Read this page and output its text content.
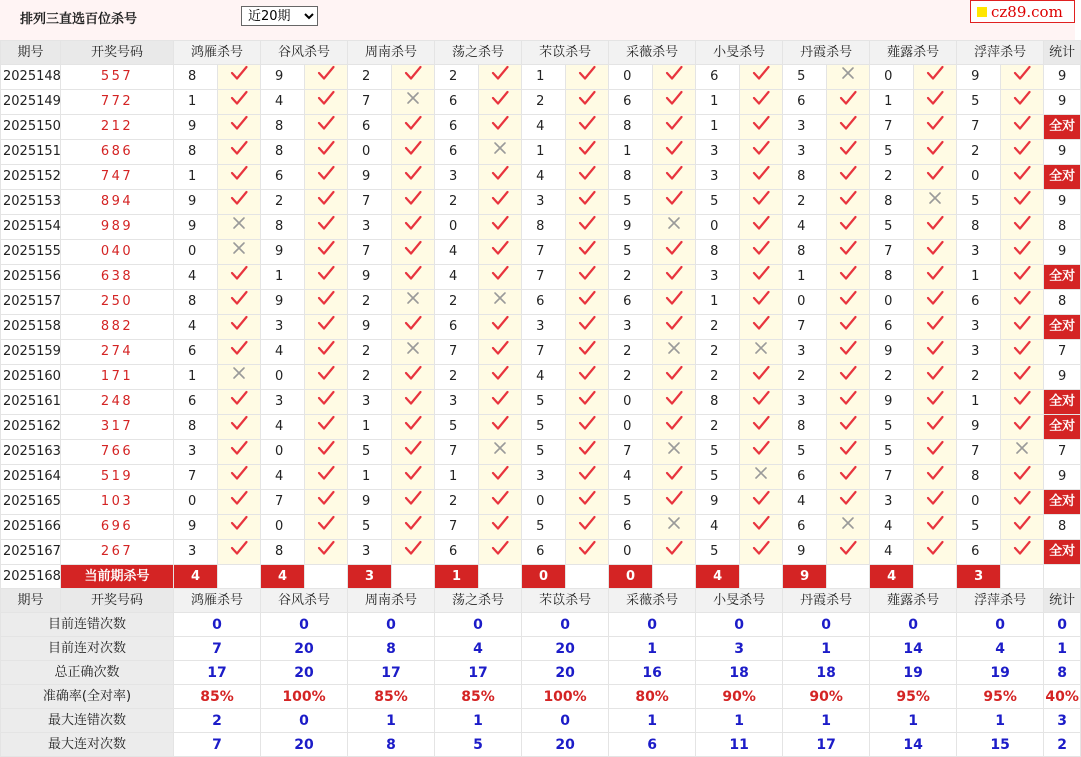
排列三直选百位杀号
近20期	cz89.com
期号	开奖号码	鸿雁杀号		谷风杀号		周南杀号		荡之杀号		芣苡杀号		采薇杀号		小旻杀号		丹霞杀号		薤露杀号		浮萍杀号		统计
2025148	557	8		9		2		2		1		0		6		5		0		9		9
2025149	772	1		4		7		6		2		6		1		6		1		5		9
2025150	212	9		8		6		6		4		8		1		3		7		7		全对
2025151	686	8		8		0		6		1		1		3		3		5		2		9
2025152	747	1		6		9		3		4		8		3		8		2		0		全对
2025153	894	9		2		7		2		3		5		5		2		8		5		9
2025154	989	9		8		3		0		8		9		0		4		5		8		8
2025155	040	0		9		7		4		7		5		8		8		7		3		9
2025156	638	4		1		9		4		7		2		3		1		8		1		全对
2025157	250	8		9		2		2		6		6		1		0		0		6		8
2025158	882	4		3		9		6		3		3		2		7		6		3		全对
2025159	274	6		4		2		7		7		2		2		3		9		3		7
2025160	171	1		0		2		2		4		2		2		2		2		2		9
2025161	248	6		3		3		3		5		0		8		3		9		1		全对
2025162	317	8		4		1		5		5		0		2		8		5		9		全对
2025163	766	3		0		5		7		5		7		5		5		5		7		7
2025164	519	7		4		1		1		3		4		5		6		7		8		9
2025165	103	0		7		9		2		0		5		9		4		3		0		全对
2025166	696	9		0		5		7		5		6		4		6		4		5		8
2025167	267	3		8		3		6		6		0		5		9		4		6		全对
2025168	当前期杀号	4		4		3		1		0		0		4		9		4		3		
期号	开奖号码	鸿雁杀号		谷风杀号		周南杀号		荡之杀号		芣苡杀号		采薇杀号		小旻杀号		丹霞杀号		薤露杀号		浮萍杀号		统计
目前连错次数		0		0		0		0		0		0		0		0		0		0		0
目前连对次数		7		20		8		4		20		1		3		1		14		4		1
总正确次数		17		20		17		17		20		16		18		18		19		19		8
准确率(全对率)		85%		100%		85%		85%		100%		80%		90%		90%		95%		95%		40%
最大连错次数		2		0		1		1		0		1		1		1		1		1		3
最大连对次数		7		20		8		5		20		6		11		17		14		15		2
